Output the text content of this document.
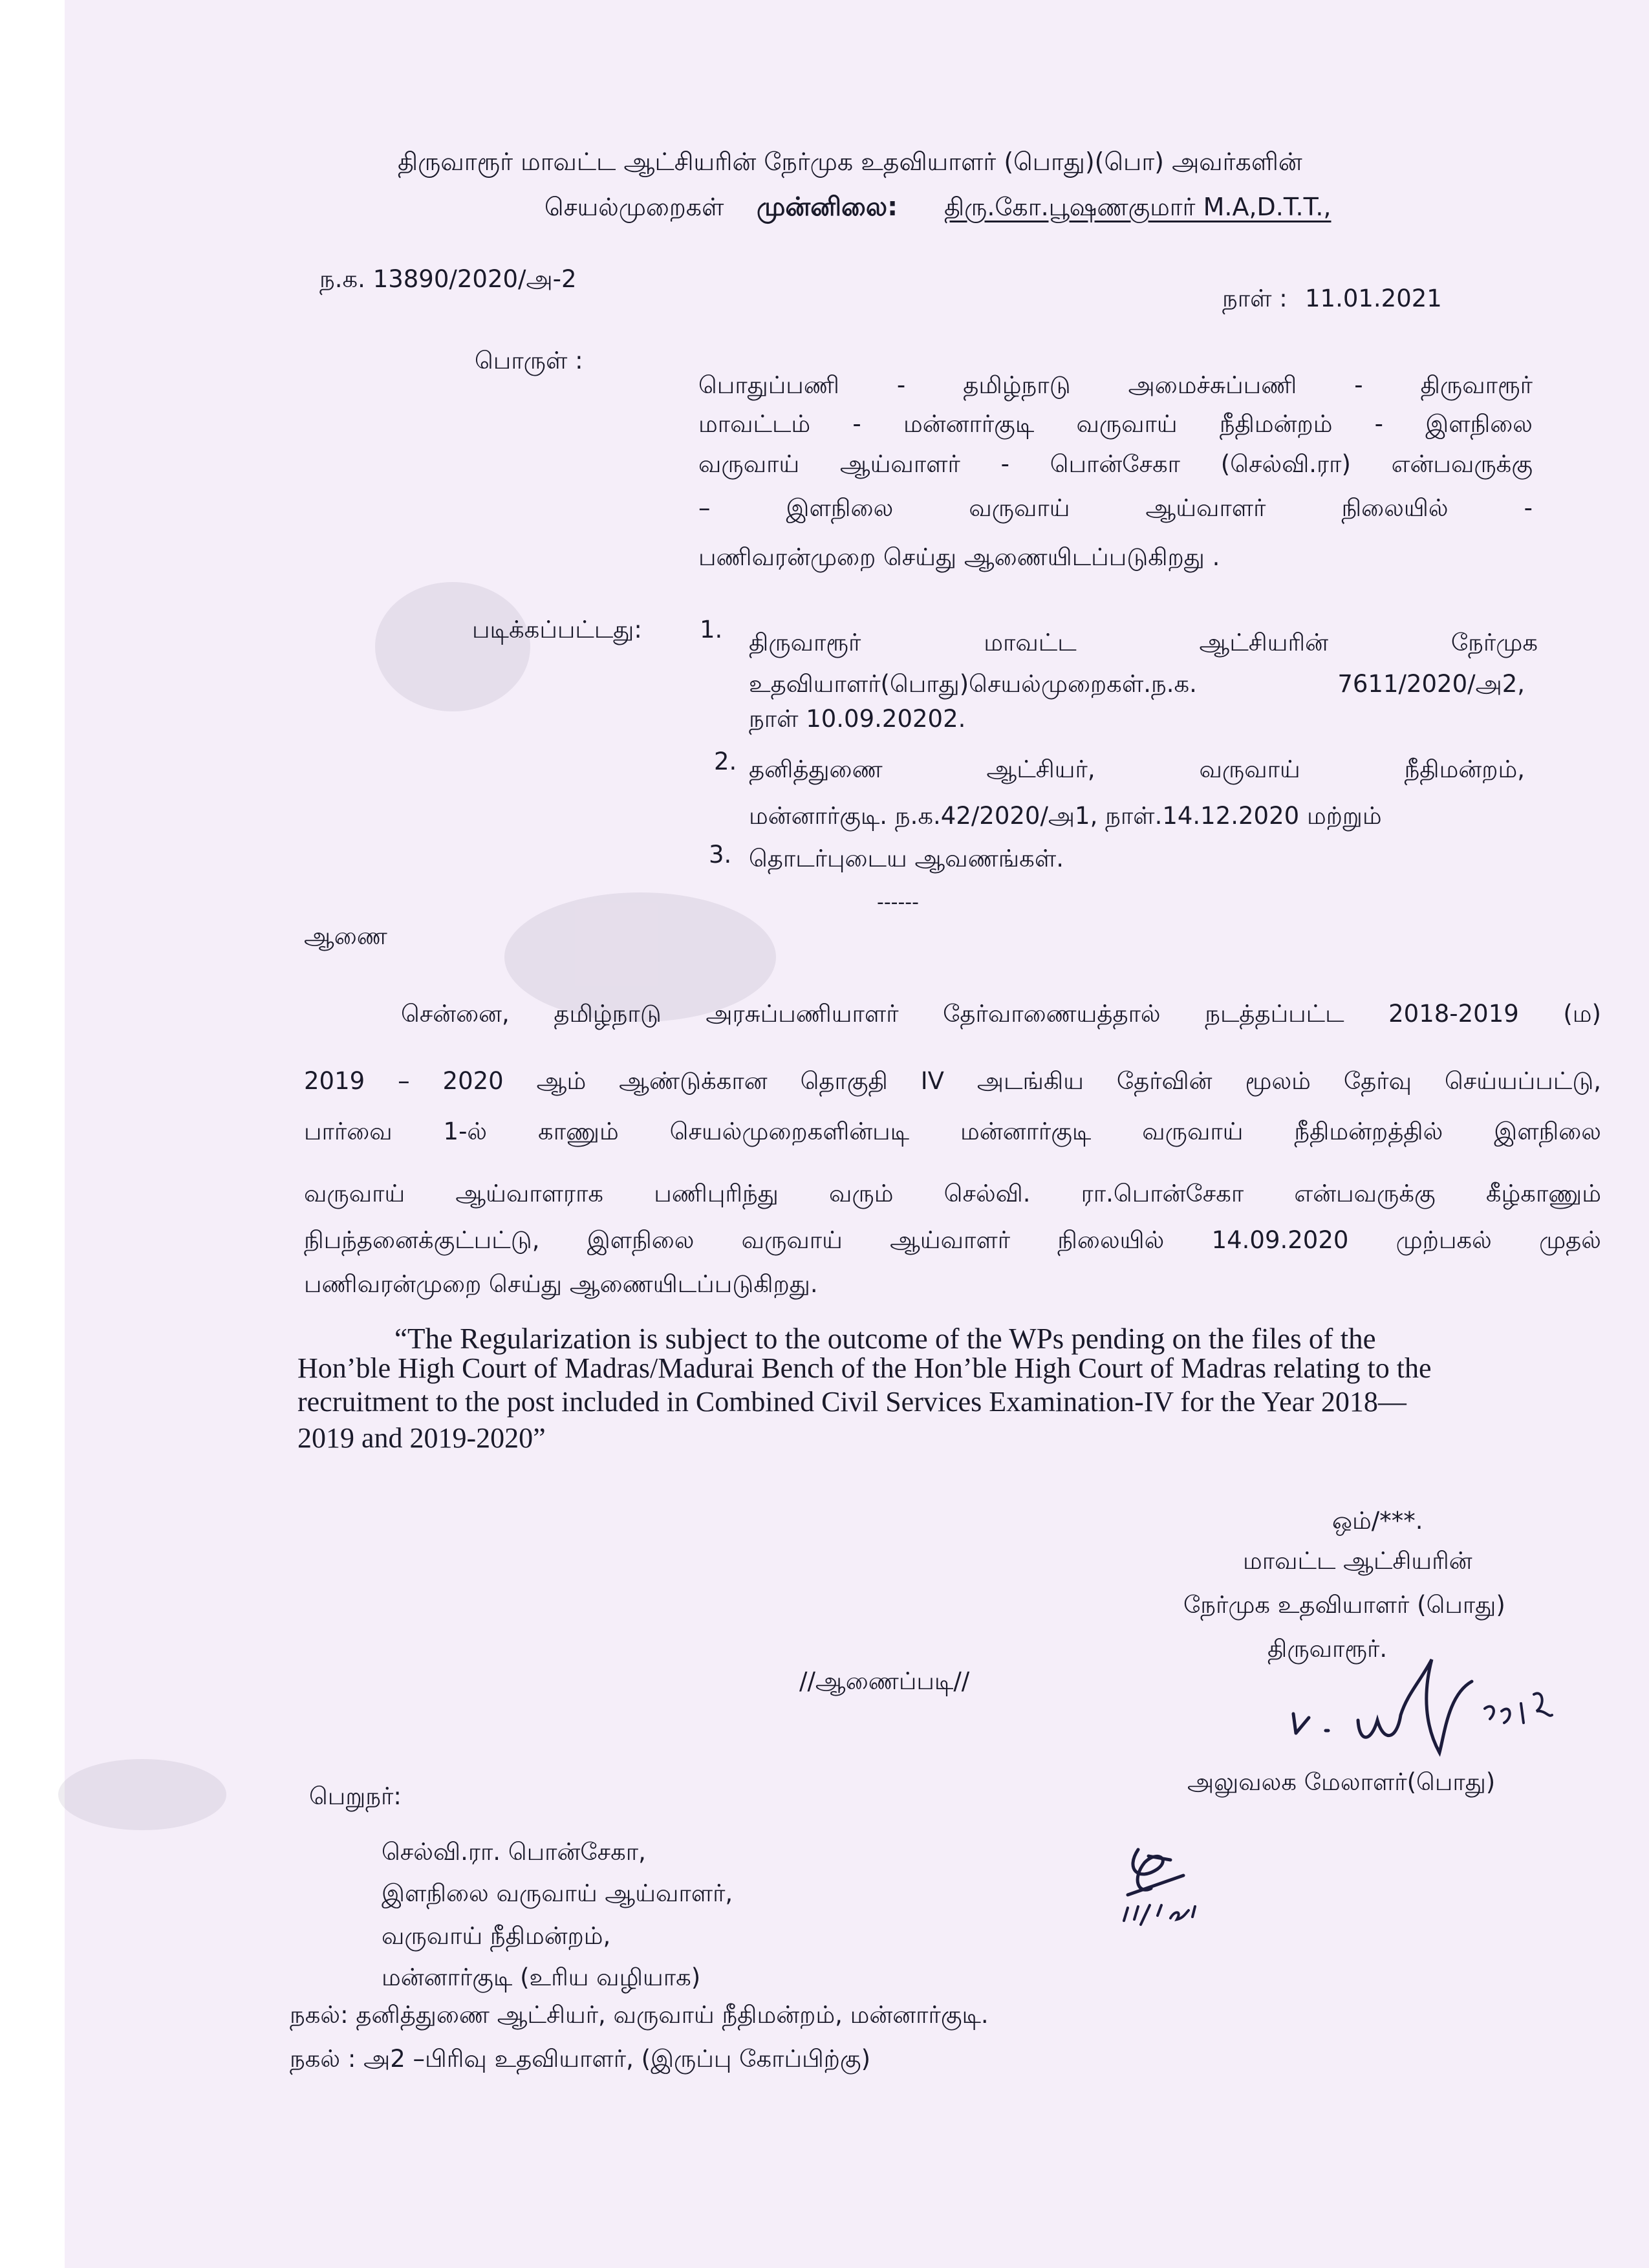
திருவாரூர் மாவட்ட ஆட்சியரின் நேர்முக உதவியாளர் (பொது)(பொ) அவர்களின்
செயல்முறைகள் முன்னிலை: திரு.கோ.பூஷணகுமார் M.A,D.T.T.,
ந.க. 13890/2020/அ-2
நாள் : 11.01.2021
பொருள் :
பொதுப்பணி - தமிழ்நாடு அமைச்சுப்பணி - திருவாரூர்
மாவட்டம் - மன்னார்குடி வருவாய் நீதிமன்றம் - இளநிலை
வருவாய் ஆய்வாளர் - பொன்சேகா (செல்வி.ரா) என்பவருக்கு
– இளநிலை வருவாய் ஆய்வாளர் நிலையில் -
பணிவரன்முறை செய்து ஆணையிடப்படுகிறது .
படிக்கப்பட்டது: 1. திருவாரூர் மாவட்ட ஆட்சியரின் நேர்முக
உதவியாளர்(பொது)செயல்முறைகள்.ந.க. 7611/2020/அ2,
நாள் 10.09.20202.
2. தனித்துணை ஆட்சியர், வருவாய் நீதிமன்றம்,
மன்னார்குடி. ந.க.42/2020/அ1, நாள்.14.12.2020 மற்றும்
3. தொடர்புடைய ஆவணங்கள்.
------
ஆணை
சென்னை, தமிழ்நாடு அரசுப்பணியாளர் தேர்வாணையத்தால் நடத்தப்பட்ட 2018-2019 (ம)
2019 – 2020 ஆம் ஆண்டுக்கான தொகுதி IV அடங்கிய தேர்வின் மூலம் தேர்வு செய்யப்பட்டு,
பார்வை 1-ல் காணும் செயல்முறைகளின்படி மன்னார்குடி வருவாய் நீதிமன்றத்தில் இளநிலை
வருவாய் ஆய்வாளராக பணிபுரிந்து வரும் செல்வி. ரா.பொன்சேகா என்பவருக்கு கீழ்காணும்
நிபந்தனைக்குட்பட்டு, இளநிலை வருவாய் ஆய்வாளர் நிலையில் 14.09.2020 முற்பகல் முதல்
பணிவரன்முறை செய்து ஆணையிடப்படுகிறது.
“The Regularization is subject to the outcome of the WPs pending on the files of the
Hon’ble High Court of Madras/Madurai Bench of the Hon’ble High Court of Madras relating to the
recruitment to the post included in Combined Civil Services Examination-IV for the Year 2018—
2019 and 2019-2020”
ஒம்/***.
மாவட்ட ஆட்சியரின்
நேர்முக உதவியாளர் (பொது)
திருவாரூர்.
//ஆணைப்படி//
அலுவலக மேலாளர்(பொது)
பெறுநர்:
செல்வி.ரா. பொன்சேகா,
இளநிலை வருவாய் ஆய்வாளர்,
வருவாய் நீதிமன்றம்,
மன்னார்குடி (உரிய வழியாக)
நகல்: தனித்துணை ஆட்சியர், வருவாய் நீதிமன்றம், மன்னார்குடி.
நகல் : அ2 –பிரிவு உதவியாளர், (இருப்பு கோப்பிற்கு)
